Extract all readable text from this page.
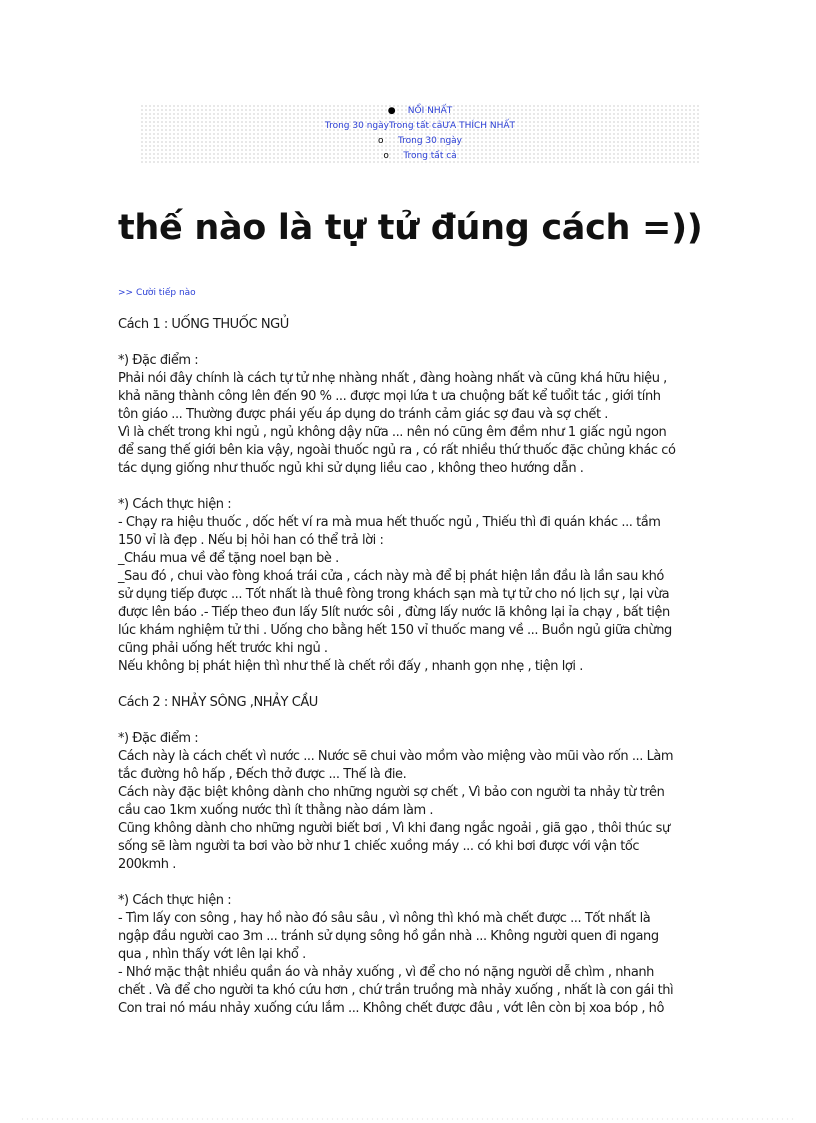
● NỔI NHẤT
Trong 30 ngàyTrong tất cảƯA THÍCH NHẤT
o Trong 30 ngày
o Trong tất cả
thế nào là tự tử đúng cách =))
>> Cười tiếp nào

Cách 1 : UỐNG THUỐC NGỦ

*) Đặc điểm :

Phải nói đây chính là cách tự tử nhẹ nhàng nhất , đàng hoàng nhất và cũng khá hữu hiệu ,

khả năng thành công lên đến 90 % ... được mọi lứa t ưa chuộng bất kể tuổit tác , giới tính

tôn giáo ... Thường được phái yếu áp dụng do tránh cảm giác sợ đau và sợ chết .

Vì là chết trong khi ngủ , ngủ không dậy nữa ... nên nó cũng êm đềm như 1 giấc ngủ ngon

để sang thế giới bên kia vậy, ngoài thuốc ngủ ra , có rất nhiều thứ thuốc đặc chủng khác có

tác dụng giống như thuốc ngủ khi sử dụng liều cao , không theo hướng dẫn .

*) Cách thực hiện :

- Chạy ra hiệu thuốc , dốc hết ví ra mà mua hết thuốc ngủ , Thiếu thì đi quán khác ... tầm

150 vỉ là đẹp . Nếu bị hỏi han có thể trả lời :

_Cháu mua về để tặng noel bạn bè .

_Sau đó , chui vào fòng khoá trái cửa , cách này mà để bị phát hiện lần đầu là lần sau khó

sử dụng tiếp được ... Tốt nhất là thuê fòng trong khách sạn mà tự tử cho nó lịch sự , lại vừa

được lên báo .- Tiếp theo đun lấy 5lít nước sôi , đừng lấy nước lã không lại ỉa chạy , bất tiện

lúc khám nghiệm tử thi . Uống cho bằng hết 150 vỉ thuốc mang về ... Buồn ngủ giữa chừng

cũng phải uống hết trước khi ngủ .

Nếu không bị phát hiện thì như thế là chết rồi đấy , nhanh gọn nhẹ , tiện lợi .

Cách 2 : NHẢY SÔNG ,NHẢY CẦU

*) Đặc điểm :

Cách này là cách chết vì nước ... Nước sẽ chui vào mồm vào miệng vào mũi vào rốn ... Làm

tắc đường hô hấp , Đếch thở được ... Thế là đie.

Cách này đặc biệt không dành cho những người sợ chết , Vì bảo con người ta nhảy từ trên

cầu cao 1km xuống nước thì ít thằng nào dám làm .

Cũng không dành cho những người biết bơi , Vì khi đang ngắc ngoải , giã gạo , thôi thúc sự

sống sẽ làm người ta bơi vào bờ như 1 chiếc xuồng máy ... có khi bơi được với vận tốc

200kmh .

*) Cách thực hiện :

- Tìm lấy con sông , hay hồ nào đó sâu sâu , vì nông thì khó mà chết được ... Tốt nhất là

ngập đầu người cao 3m ... tránh sử dụng sông hồ gần nhà ... Không người quen đi ngang

qua , nhìn thấy vớt lên lại khổ .

- Nhớ mặc thật nhiều quần áo và nhảy xuống , vì để cho nó nặng người dễ chìm , nhanh

chết . Và để cho người ta khó cứu hơn , chứ trần truồng mà nhảy xuống , nhất là con gái thì

Con trai nó máu nhảy xuống cứu lắm ... Không chết được đâu , vớt lên còn bị xoa bóp , hô
